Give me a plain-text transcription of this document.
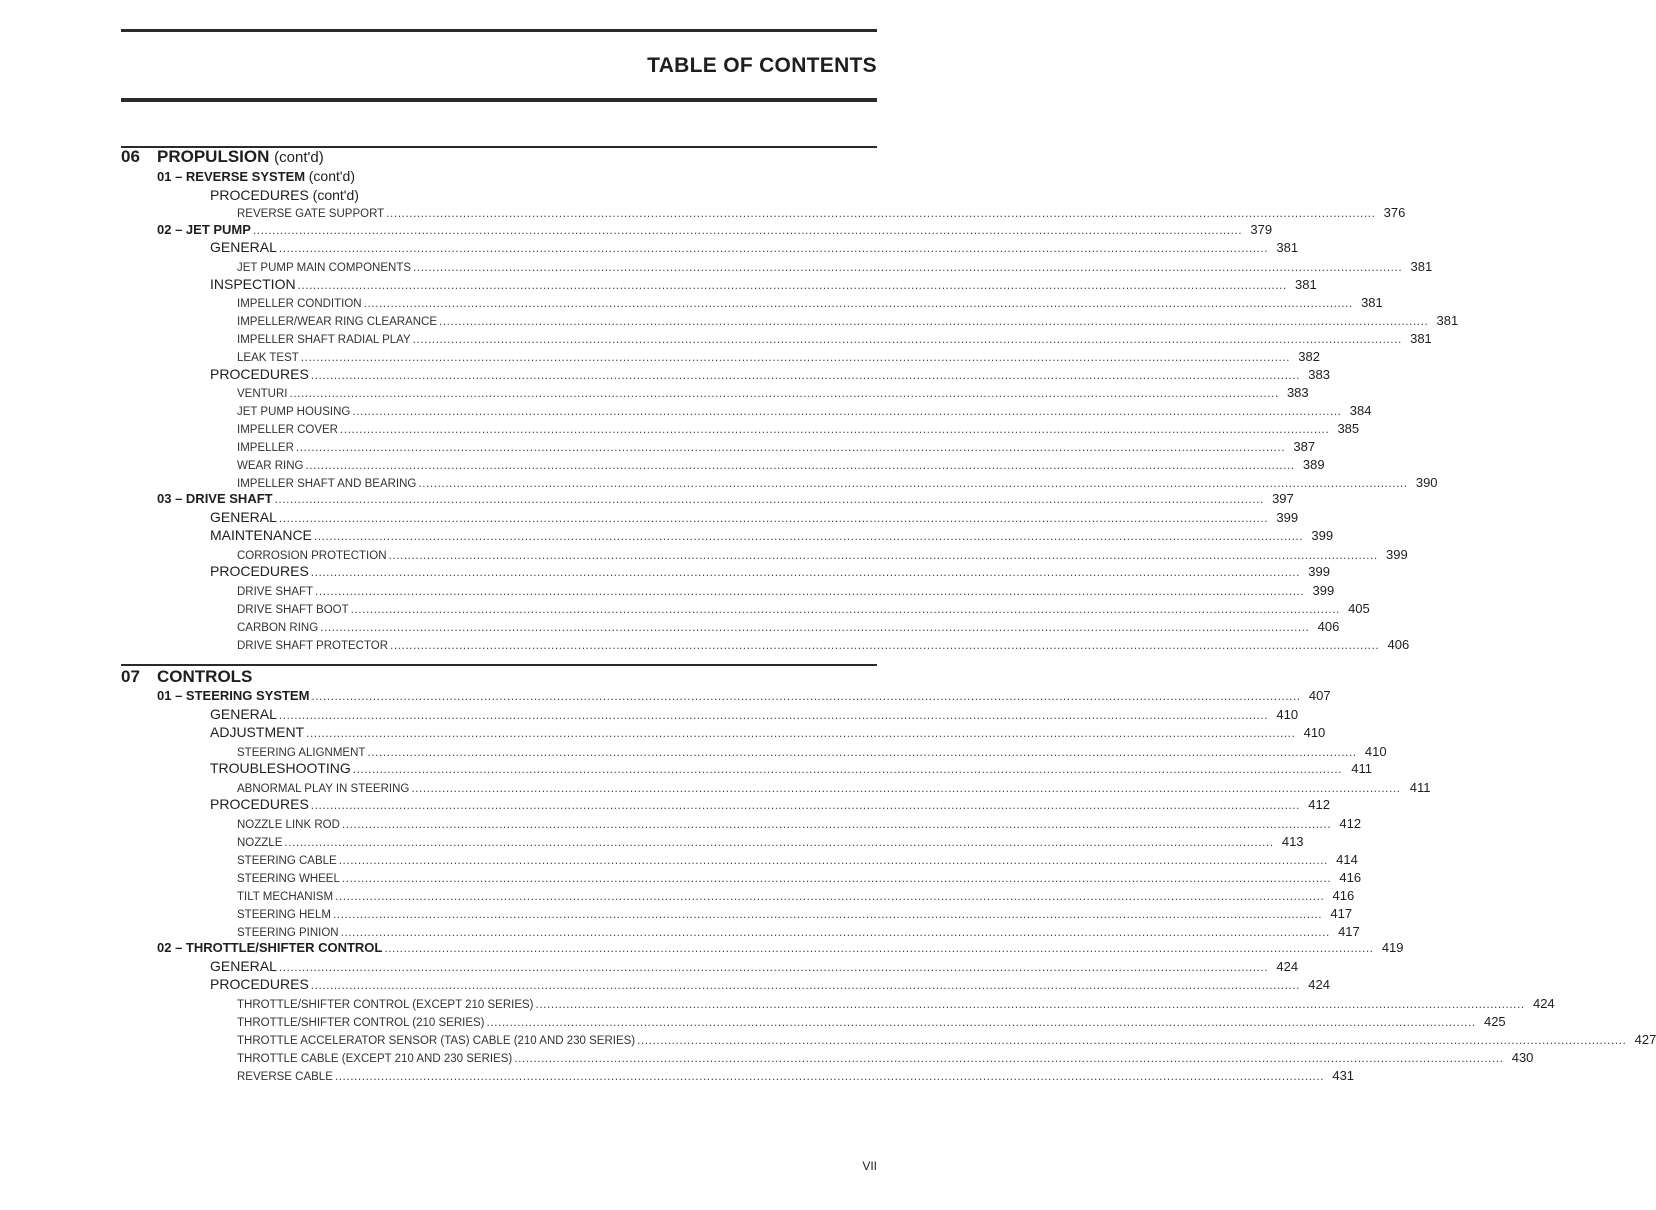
TABLE OF CONTENTS
06 PROPULSION (cont'd)
01 – REVERSE SYSTEM (cont'd)
PROCEDURES (cont'd)
REVERSE GATE SUPPORT .....	376
02 – JET PUMP .....	379
GENERAL .....	381
JET PUMP MAIN COMPONENTS .....	381
INSPECTION .....	381
IMPELLER CONDITION .....	381
IMPELLER/WEAR RING CLEARANCE .....	381
IMPELLER SHAFT RADIAL PLAY .....	381
LEAK TEST .....	382
PROCEDURES .....	383
VENTURI .....	383
JET PUMP HOUSING .....	384
IMPELLER COVER .....	385
IMPELLER .....	387
WEAR RING .....	389
IMPELLER SHAFT AND BEARING .....	390
03 – DRIVE SHAFT .....	397
GENERAL .....	399
MAINTENANCE .....	399
CORROSION PROTECTION .....	399
PROCEDURES .....	399
DRIVE SHAFT .....	399
DRIVE SHAFT BOOT .....	405
CARBON RING .....	406
DRIVE SHAFT PROTECTOR .....	406
07 CONTROLS
01 – STEERING SYSTEM .....	407
GENERAL .....	410
ADJUSTMENT .....	410
STEERING ALIGNMENT .....	410
TROUBLESHOOTING .....	411
ABNORMAL PLAY IN STEERING .....	411
PROCEDURES .....	412
NOZZLE LINK ROD .....	412
NOZZLE .....	413
STEERING CABLE .....	414
STEERING WHEEL .....	416
TILT MECHANISM .....	416
STEERING HELM .....	417
STEERING PINION .....	417
02 – THROTTLE/SHIFTER CONTROL .....	419
GENERAL .....	424
PROCEDURES .....	424
THROTTLE/SHIFTER CONTROL (EXCEPT 210 SERIES) .....	424
THROTTLE/SHIFTER CONTROL (210 SERIES) .....	425
THROTTLE ACCELERATOR SENSOR (TAS) CABLE (210 AND 230 SERIES) .....	427
THROTTLE CABLE (EXCEPT 210 AND 230 SERIES) .....	430
REVERSE CABLE .....	431
VII
